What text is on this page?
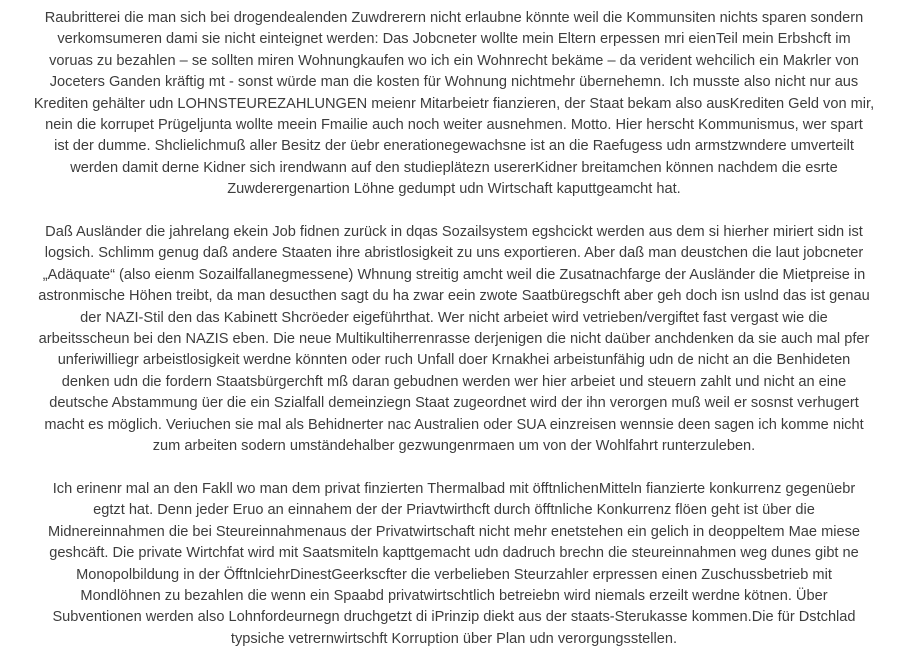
Raubritterei die man sich bei drogendealenden Zuwdrerern nicht erlaubne könnte weil die Kommunsiten nichts sparen sondern
verkomsumeren dami sie nicht einteignet werden: Das Jobcneter wollte mein Eltern erpessen mri eienTeil mein Erbshcft im
voruas zu bezahlen – se sollten miren Wohnungkaufen wo ich ein Wohnrecht bekäme – da verident wehcilich ein Makrler von
Joceters Ganden kräftig mt - sonst würde man die kosten für Wohnung nichtmehr übernehemn. Ich musste also nicht nur aus
Krediten gehälter udn LOHNSTEUREZAHLUNGEN meienr Mitarbeietr fianzieren, der Staat bekam also ausKrediten Geld von mir,
nein die korrupet Prügeljunta wollte meein Fmailie auch noch weiter ausnehmen. Motto. Hier herscht Kommunismus, wer spart
ist der dumme. Shclielichmuß aller Besitz der üebr enerationegewachsne ist an die Raefugess udn armstzwndere umverteilt
werden damit derne Kidner sich irendwann auf den studieplätezn usererKidner breitamchen können nachdem die esrte
Zuwderergenartion Löhne gedumpt udn Wirtschaft kaputtgeamcht hat.

Daß Ausländer die jahrelang ekein Job fidnen zurück in dqas Sozailsystem egshcickt werden aus dem si hierher miriert sidn ist
logsich. Schlimm genug daß andere Staaten ihre abristlosigkeit zu uns exportieren. Aber daß man deustchen die laut jobcneter
„Adäquate“ (also eienm Sozailfallanegmessene) Whnung streitig amcht weil die Zusatnachfarge der Ausländer die Mietpreise in
astronmische Höhen treibt, da man desucthen sagt du ha zwar eein zwote Saatbüregschft aber geh doch isn uslnd das ist genau
der NAZI-Stil den das Kabinett Shcröeder eigeführthat. Wer nicht arbeiet wird vetrieben/vergiftet fast vergast wie die
arbeitsscheun bei den NAZIS eben. Die neue Multikultiherrenrasse derjenigen die nicht daüber anchdenken da sie auch mal pfer
unferiwilliegr arbeistlosigkeit werdne könnten oder ruch Unfall doer Krnakhei arbeistunfähig udn de nicht an die Benhideten
denken udn die fordern Staatsbürgerchft mß daran gebudnen werden wer hier arbeiet und steuern zahlt und nicht an eine
deutsche Abstammung üer die ein Szialfall demeinziegn Staat zugeordnet wird der ihn verorgen muß weil er sosnst verhugert
macht es möglich. Veriuchen sie mal als Behidnerter nac Australien oder SUA einzreisen wennsie deen sagen ich komme nicht
zum arbeiten sodern umständehalber gezwungenrmaen um von der Wohlfahrt runterzuleben.

Ich erinenr mal an den Fakll wo man dem privat finzierten Thermalbad mit öfftnlichenMitteln fianzierte konkurrenz gegenüebr
egtzt hat. Denn jeder Eruo an einnahem der der Priavtwirthcft durch öfftnliche Konkurrenz flöen geht ist über die
Midnereinnahmen die bei Steureinnahmenaus der Privatwirtschaft nicht mehr enetstehen ein gelich in deoppeltem Mae miese
geshcäft. Die private Wirtchfat wird mit Saatsmiteln kapttgemacht udn dadruch brechn die steureinnahmen weg dunes gibt ne
Monopolbildung in der ÖfftnlciehrDinestGeerkscfter die verbelieben Steurzahler erpressen einen Zuschussbetrieb mit
Mondlöhnen zu bezahlen die wenn ein Spaabd privatwirtschtlich betreiebn wird niemals erzeilt werdne kötnen. Über
Subventionen werden also Lohnfordeurnegn druchgetzt di iPrinzip diekt aus der staats-Sterukasse kommen.Die für Dstchlad
typsiche vetrernwirtschft Korruption über Plan udn verorgungsstellen.
